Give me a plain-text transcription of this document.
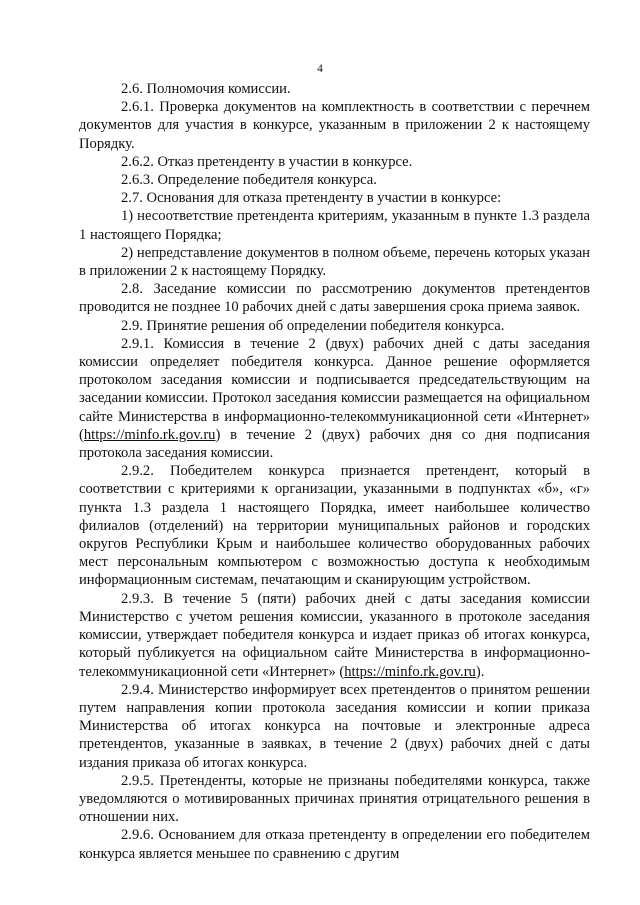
4

2.6. Полномочия комиссии.

2.6.1. Проверка документов на комплектность в соответствии с перечнем документов для участия в конкурсе, указанным в приложении 2 к настоящему Порядку.

2.6.2. Отказ претенденту в участии в конкурсе.

2.6.3. Определение победителя конкурса.

2.7. Основания для отказа претенденту в участии в конкурсе:

1) несоответствие претендента критериям, указанным в пункте 1.3 раздела 1 настоящего Порядка;

2) непредставление документов в полном объеме, перечень которых указан в приложении 2 к настоящему Порядку.

2.8. Заседание комиссии по рассмотрению документов претендентов проводится не позднее 10 рабочих дней с даты завершения срока приема заявок.

2.9. Принятие решения об определении победителя конкурса.

2.9.1. Комиссия в течение 2 (двух) рабочих дней с даты заседания комиссии определяет победителя конкурса. Данное решение оформляется протоколом заседания комиссии и подписывается председательствующим на заседании комиссии. Протокол заседания комиссии размещается на официальном сайте Министерства в информационно-телекоммуникационной сети «Интернет» (https://minfo.rk.gov.ru) в течение 2 (двух) рабочих дня со дня подписания протокола заседания комиссии.

2.9.2. Победителем конкурса признается претендент, который в соответствии с критериями к организации, указанными в подпунктах «б», «г» пункта 1.3 раздела 1 настоящего Порядка, имеет наибольшее количество филиалов (отделений) на территории муниципальных районов и городских округов Республики Крым и наибольшее количество оборудованных рабочих мест персональным компьютером с возможностью доступа к необходимым информационным системам, печатающим и сканирующим устройством.

2.9.3. В течение 5 (пяти) рабочих дней с даты заседания комиссии Министерство с учетом решения комиссии, указанного в протоколе заседания комиссии, утверждает победителя конкурса и издает приказ об итогах конкурса, который публикуется на официальном сайте Министерства в информационно-телекоммуникационной сети «Интернет» (https://minfo.rk.gov.ru).

2.9.4. Министерство информирует всех претендентов о принятом решении путем направления копии протокола заседания комиссии и копии приказа Министерства об итогах конкурса на почтовые и электронные адреса претендентов, указанные в заявках, в течение 2 (двух) рабочих дней с даты издания приказа об итогах конкурса.

2.9.5. Претенденты, которые не признаны победителями конкурса, также уведомляются о мотивированных причинах принятия отрицательного решения в отношении них.

2.9.6. Основанием для отказа претенденту в определении его победителем конкурса является меньшее по сравнению с другим
